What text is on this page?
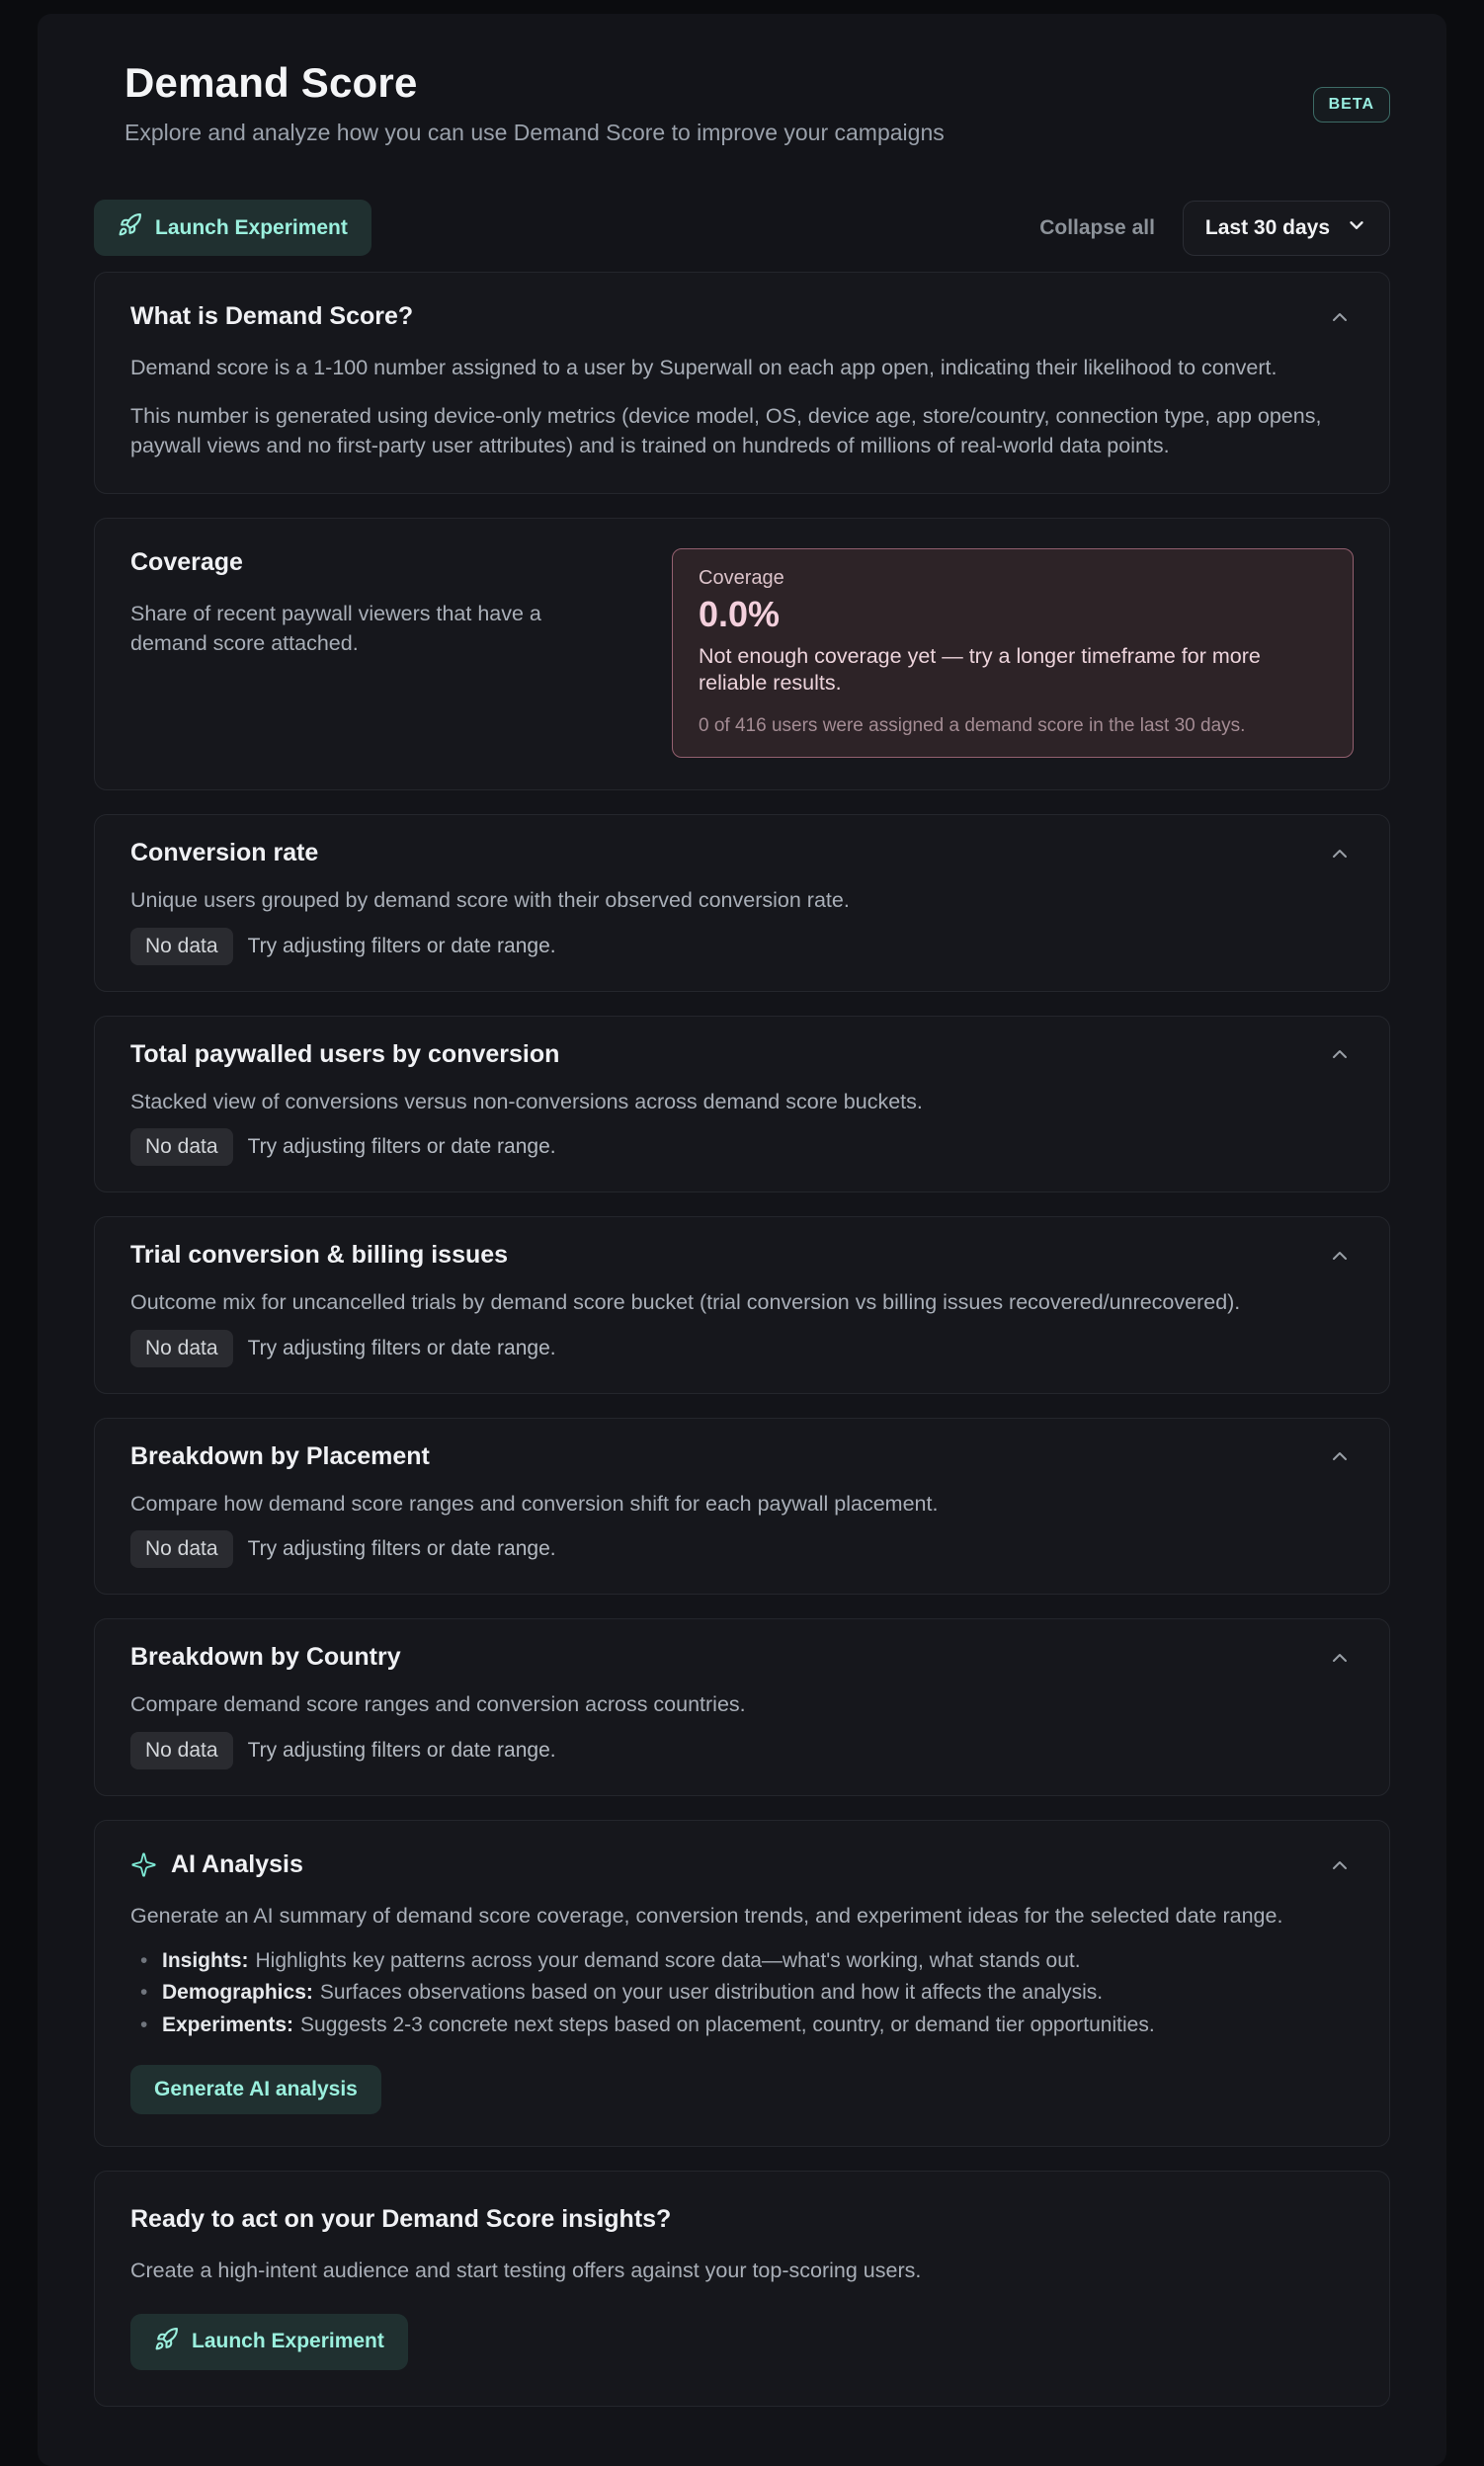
Demand Score

Explore and analyze how you can use Demand Score to improve your campaigns

BETA
Launch Experiment	Collapse all Last 30 days
What is Demand Score?

Demand score is a 1-100 number assigned to a user by Superwall on each app open, indicating their likelihood to convert.

This number is generated using device-only metrics (device model, OS, device age, store/country, connection type, app opens, paywall views and no first-party user attributes) and is trained on hundreds of millions of real-world data points.

Coverage

Share of recent paywall viewers that have a demand score attached.

Coverage
0.0%
Not enough coverage yet — try a longer timeframe for more reliable results.
0 of 416 users were assigned a demand score in the last 30 days.
Conversion rate

Unique users grouped by demand score with their observed conversion rate.

No data	Try adjusting filters or date range.
Total paywalled users by conversion

Stacked view of conversions versus non-conversions across demand score buckets.

No data	Try adjusting filters or date range.
Trial conversion & billing issues

Outcome mix for uncancelled trials by demand score bucket (trial conversion vs billing issues recovered/unrecovered).

No data	Try adjusting filters or date range.
Breakdown by Placement

Compare how demand score ranges and conversion shift for each paywall placement.

No data	Try adjusting filters or date range.
Breakdown by Country

Compare demand score ranges and conversion across countries.

No data	Try adjusting filters or date range.
AI Analysis

Generate an AI summary of demand score coverage, conversion trends, and experiment ideas for the selected date range.

• Insights: Highlights key patterns across your demand score data—what's working, what stands out.
• Demographics: Surfaces observations based on your user distribution and how it affects the analysis.
• Experiments: Suggests 2-3 concrete next steps based on placement, country, or demand tier opportunities.
Generate AI analysis
Ready to act on your Demand Score insights?

Create a high-intent audience and start testing offers against your top-scoring users.

Launch Experiment
